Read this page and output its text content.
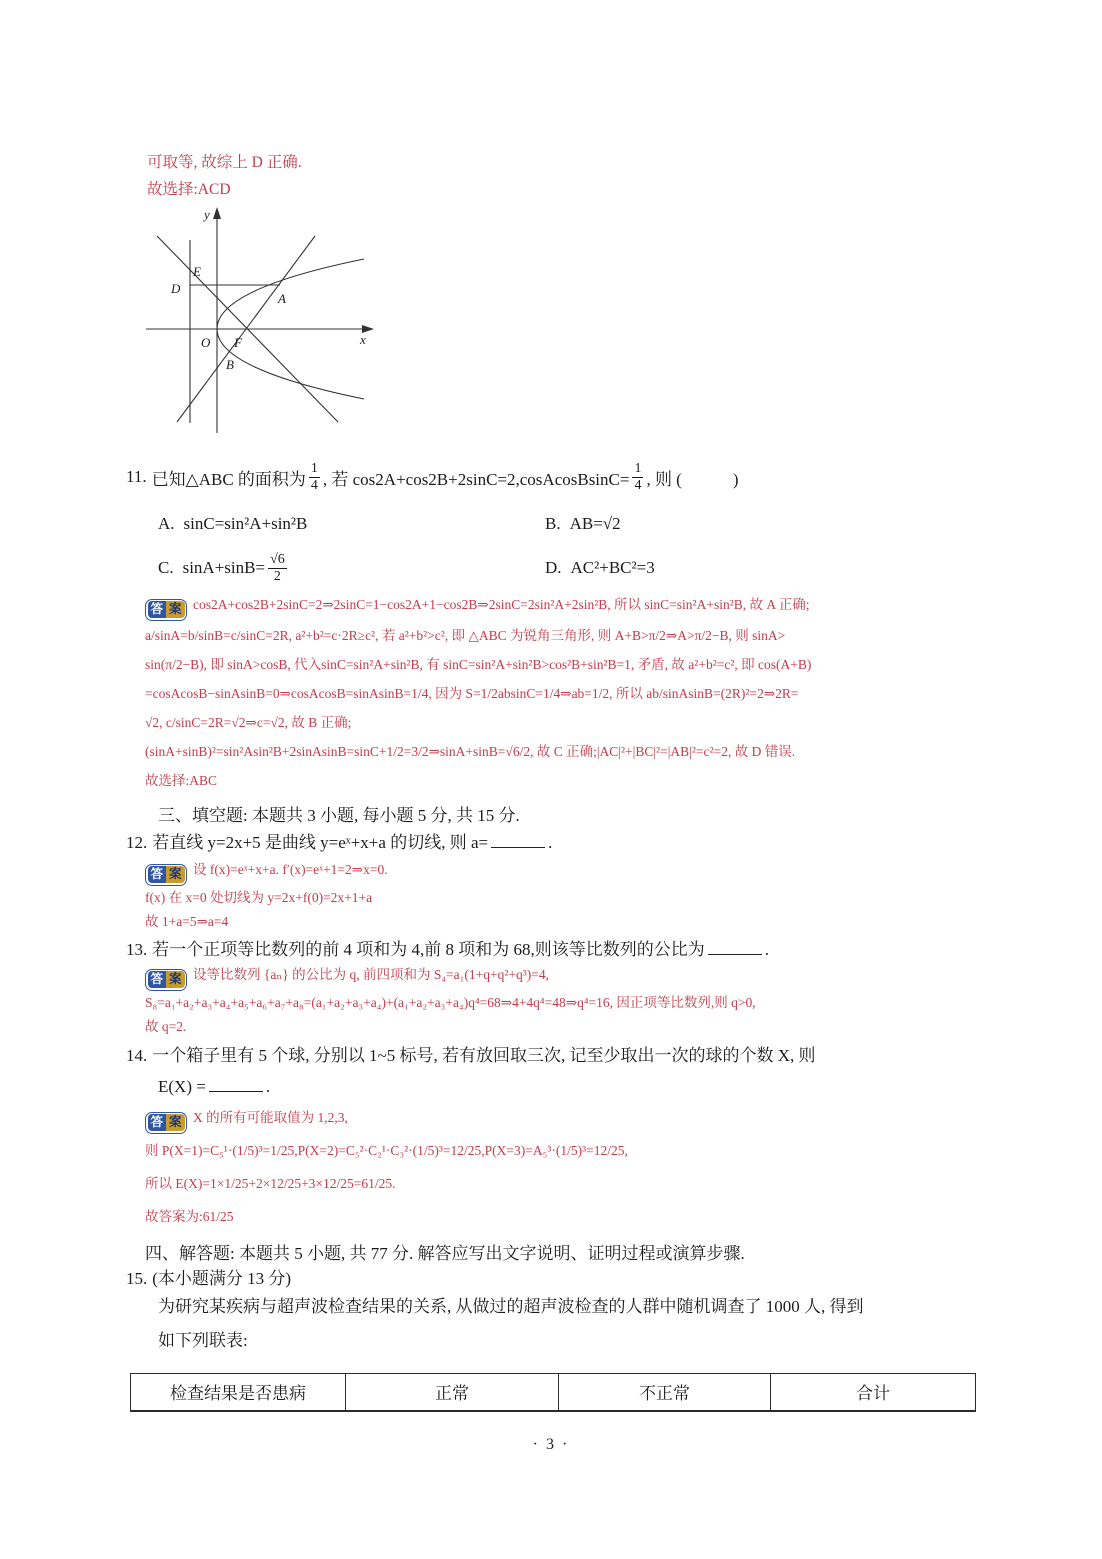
可取等, 故综上 D 正确.
故选择:ACD
y
x
E
D
A
O F
B
11. 已知△ABC 的面积为 $\frac{1}{4}$ , 若 cos2A+cos2B+2sinC=2,cosAcosBsinC= $\frac{1}{4}$ , 则 (　　　)
A. sinC=sin²A+sin²B	B. AB=√2
C. $\sin A+\sin B= \frac{√6}{2}$	D. AC²+BC²=3
答 案 cos2A+cos2B+2sinC=2⇒2sinC=1−cos2A+1−cos2B⇒2sinC=2sin²A+2sin²B, 所以 sinC=sin²A+sin²B, 故 A 正确;
a/sinA=b/sinB=c/sinC=2R, a²+b²=c·2R≥c², 若 a²+b²>c², 即 △ABC 为锐角三角形, 则 A+B>π/2⇒A>π/2−B, 则 sinA>
sin(π/2−B), 即 sinA>cosB, 代入sinC=sin²A+sin²B, 有 sinC=sin²A+sin²B>cos²B+sin²B=1, 矛盾, 故 a²+b²=c², 即 cos(A+B)
=cosAcosB−sinAsinB=0⇒cosAcosB=sinAsinB=1/4, 因为 S=1/2absinC=1/4⇒ab=1/2, 所以 ab/sinAsinB=(2R)²=2⇒2R=
√2, c/sinC=2R=√2⇒c=√2, 故 B 正确;
(sinA+sinB)²=sin²Asin²B+2sinAsinB=sinC+1/2=3/2⇒sinA+sinB=√6/2, 故 C 正确;|AC|²+|BC|²=|AB|²=c²=2, 故 D 错误.
故选择:ABC
三、填空题: 本题共 3 小题, 每小题 5 分, 共 15 分.
12. 若直线 y=2x+5 是曲线 y=eˣ+x+a 的切线, 则 a=	.
答 案 设 f(x)=eˣ+x+a. f′(x)=eˣ+1=2⇒x=0.
f(x) 在 x=0 处切线为 y=2x+f(0)=2x+1+a
故 1+a=5⇒a=4
13. 若一个正项等比数列的前 4 项和为 4,前 8 项和为 68,则该等比数列的公比为	.
答 案 设等比数列 {aₙ} 的公比为 q, 前四项和为 S₄=a₁(1+q+q²+q³)=4,
S₈=a₁+a₂+a₃+a₄+a₅+a₆+a₇+a₈=(a₁+a₂+a₃+a₄)+(a₁+a₂+a₃+a₄)q⁴=68⇒4+4q⁴=48⇒q⁴=16, 因正项等比数列,则 q>0,
故 q=2.
14. 一个箱子里有 5 个球, 分别以 1~5 标号, 若有放回取三次, 记至少取出一次的球的个数 X, 则
E(X) =	.
答 案 X 的所有可能取值为 1,2,3,
则 P(X=1)=C₅¹·(1/5)³=1/25,P(X=2)=C₅²·C₂¹·C₃²·(1/5)³=12/25,P(X=3)=A₅³·(1/5)³=12/25,
所以 E(X)=1×1/25+2×12/25+3×12/25=61/25.
故答案为:61/25
四、解答题: 本题共 5 小题, 共 77 分. 解答应写出文字说明、证明过程或演算步骤.
15. (本小题满分 13 分)
为研究某疾病与超声波检查结果的关系, 从做过的超声波检查的人群中随机调查了 1000 人, 得到
如下列联表:
检查结果是否患病	正常	不正常	合计
· 3 ·
